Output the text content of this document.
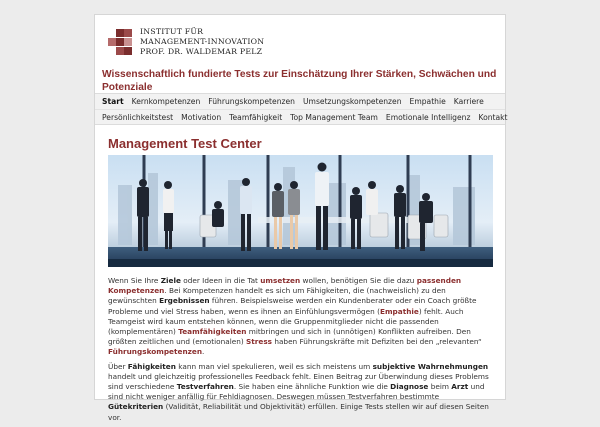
INSTITUT FÜR
MANAGEMENT-INNOVATION
PROF. DR. WALDEMAR PELZ
Wissenschaftlich fundierte Tests zur Einschätzung Ihrer Stärken, Schwächen und Potenziale
Start	Kernkompetenzen	Führungskompetenzen	Umsetzungskompetenzen	Empathie	Karriere
Persönlichkeitstest	Motivation	Teamfähigkeit	Top Management Team	Emotionale Intelligenz	Kontakt
Management Test Center

Wenn Sie Ihre Ziele oder Ideen in die Tat umsetzen wollen, benötigen Sie die dazu passenden Kompetenzen. Bei Kompetenzen handelt es sich um Fähigkeiten, die (nachweislich) zu den gewünschten Ergebnissen führen. Beispielsweise werden ein Kundenberater oder ein Coach größte Probleme und viel Stress haben, wenn es ihnen an Einfühlungsvermögen (Empathie) fehlt. Auch Teamgeist wird kaum entstehen können, wenn die Gruppenmitglieder nicht die passenden (komplementären) Teamfähigkeiten mitbringen und sich in (unnötigen) Konflikten aufreiben. Den größten zeitlichen und (emotionalen) Stress haben Führungskräfte mit Defiziten bei den „relevanten“ Führungskompetenzen.

Über Fähigkeiten kann man viel spekulieren, weil es sich meistens um subjektive Wahrnehmungen handelt und gleichzeitig professionelles Feedback fehlt. Einen Beitrag zur Überwindung dieses Problems sind verschiedene Testverfahren. Sie haben eine ähnliche Funktion wie die Diagnose beim Arzt und sind nicht weniger anfällig für Fehldiagnosen. Deswegen müssen Testverfahren bestimmte Gütekriterien (Validität, Reliabilität und Objektivität) erfüllen. Einige Tests stellen wir auf diesen Seiten vor.
